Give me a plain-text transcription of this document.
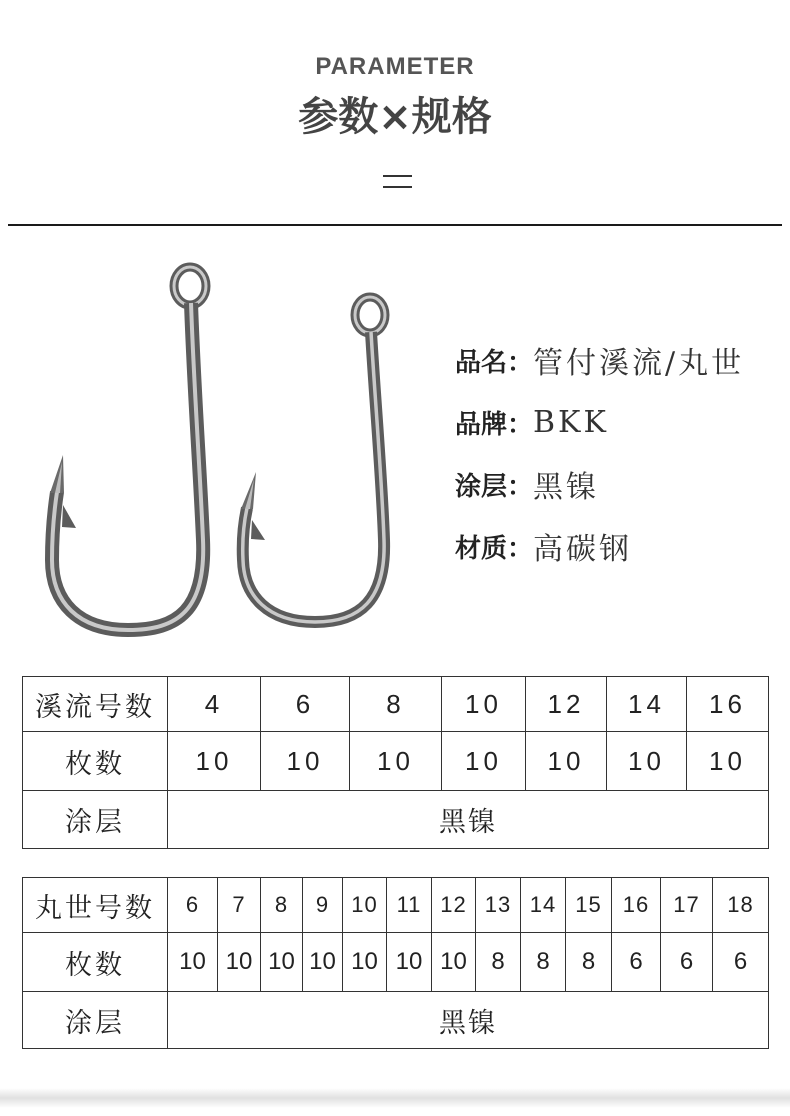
PARAMETER
参数×规格
品名： 管付溪流/丸世
品牌： BKK
涂层： 黑镍
材质： 高碳钢
溪流号数	4	6	8	10	12	14	16
枚数	10	10	10	10	10	10	10
涂层	黑镍						
丸世号数	6	7	8	9	10	11	12	13	14	15	16	17	18
枚数	10	10	10	10	10	10	10	8	8	8	6	6	6
涂层	黑镍												
